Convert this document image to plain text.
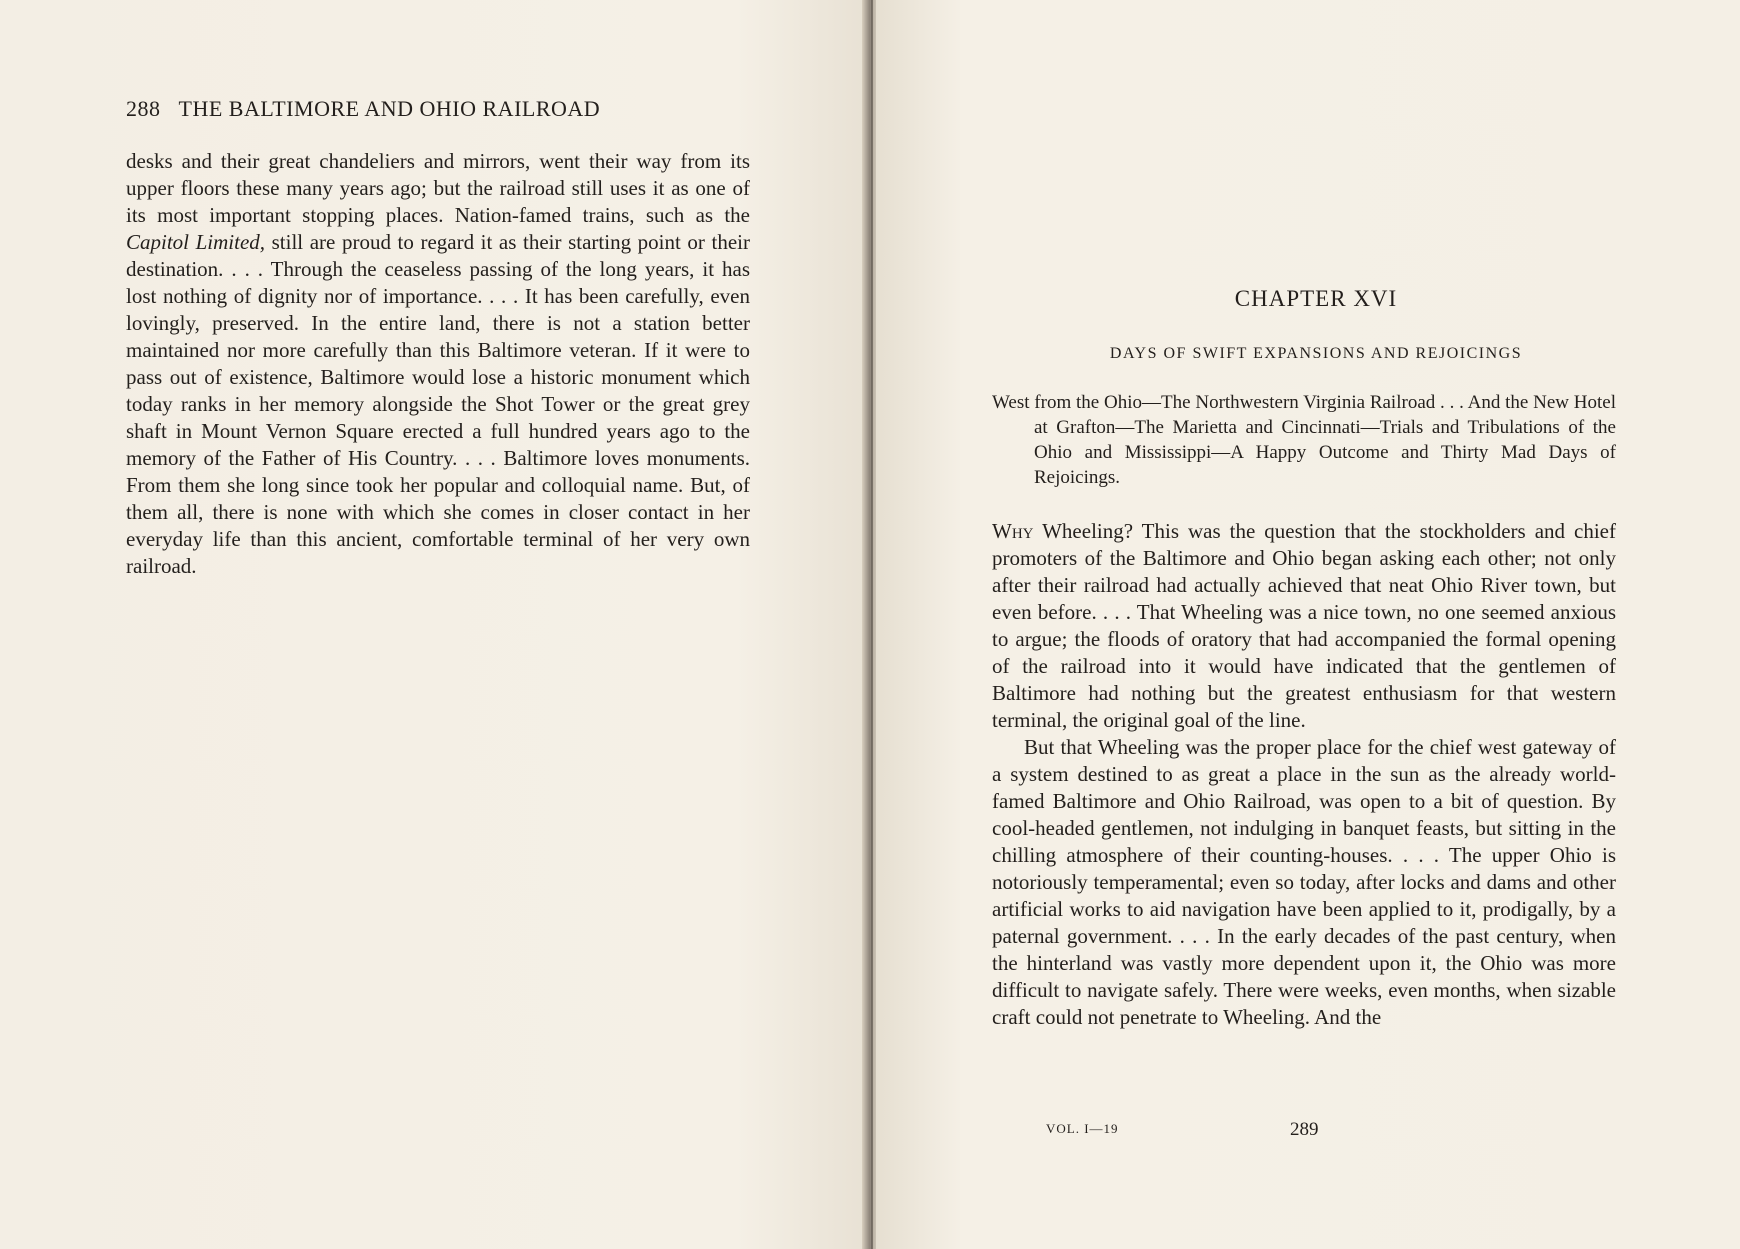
288 THE BALTIMORE AND OHIO RAILROAD

desks and their great chandeliers and mirrors, went their way from its upper floors these many years ago; but the railroad still uses it as one of its most important stopping places. Nation-famed trains, such as the Capitol Limited, still are proud to regard it as their starting point or their destination. . . . Through the ceaseless passing of the long years, it has lost nothing of dignity nor of importance. . . . It has been carefully, even lovingly, preserved. In the entire land, there is not a station better maintained nor more carefully than this Baltimore veteran. If it were to pass out of existence, Baltimore would lose a historic monument which today ranks in her memory alongside the Shot Tower or the great grey shaft in Mount Vernon Square erected a full hundred years ago to the memory of the Father of His Country. . . . Baltimore loves monuments. From them she long since took her popular and colloquial name. But, of them all, there is none with which she comes in closer contact in her everyday life than this ancient, comfortable terminal of her very own railroad.

CHAPTER XVI
DAYS OF SWIFT EXPANSIONS AND REJOICINGS
West from the Ohio—The Northwestern Virginia Railroad . . . And the New Hotel at Grafton—The Marietta and Cincinnati—Trials and Tribulations of the Ohio and Mississippi—A Happy Outcome and Thirty Mad Days of Rejoicings.

Why Wheeling? This was the question that the stockholders and chief promoters of the Baltimore and Ohio began asking each other; not only after their railroad had actually achieved that neat Ohio River town, but even before. . . . That Wheeling was a nice town, no one seemed anxious to argue; the floods of oratory that had accompanied the formal opening of the railroad into it would have indicated that the gentlemen of Baltimore had nothing but the greatest enthusiasm for that western terminal, the original goal of the line.

But that Wheeling was the proper place for the chief west gateway of a system destined to as great a place in the sun as the already world-famed Baltimore and Ohio Railroad, was open to a bit of question. By cool-headed gentlemen, not indulging in banquet feasts, but sitting in the chilling atmosphere of their counting-houses. . . . The upper Ohio is notoriously temperamental; even so today, after locks and dams and other artificial works to aid navigation have been applied to it, prodigally, by a paternal government. . . . In the early decades of the past century, when the hinterland was vastly more dependent upon it, the Ohio was more difficult to navigate safely. There were weeks, even months, when sizable craft could not penetrate to Wheeling. And the

VOL. I—19	289
